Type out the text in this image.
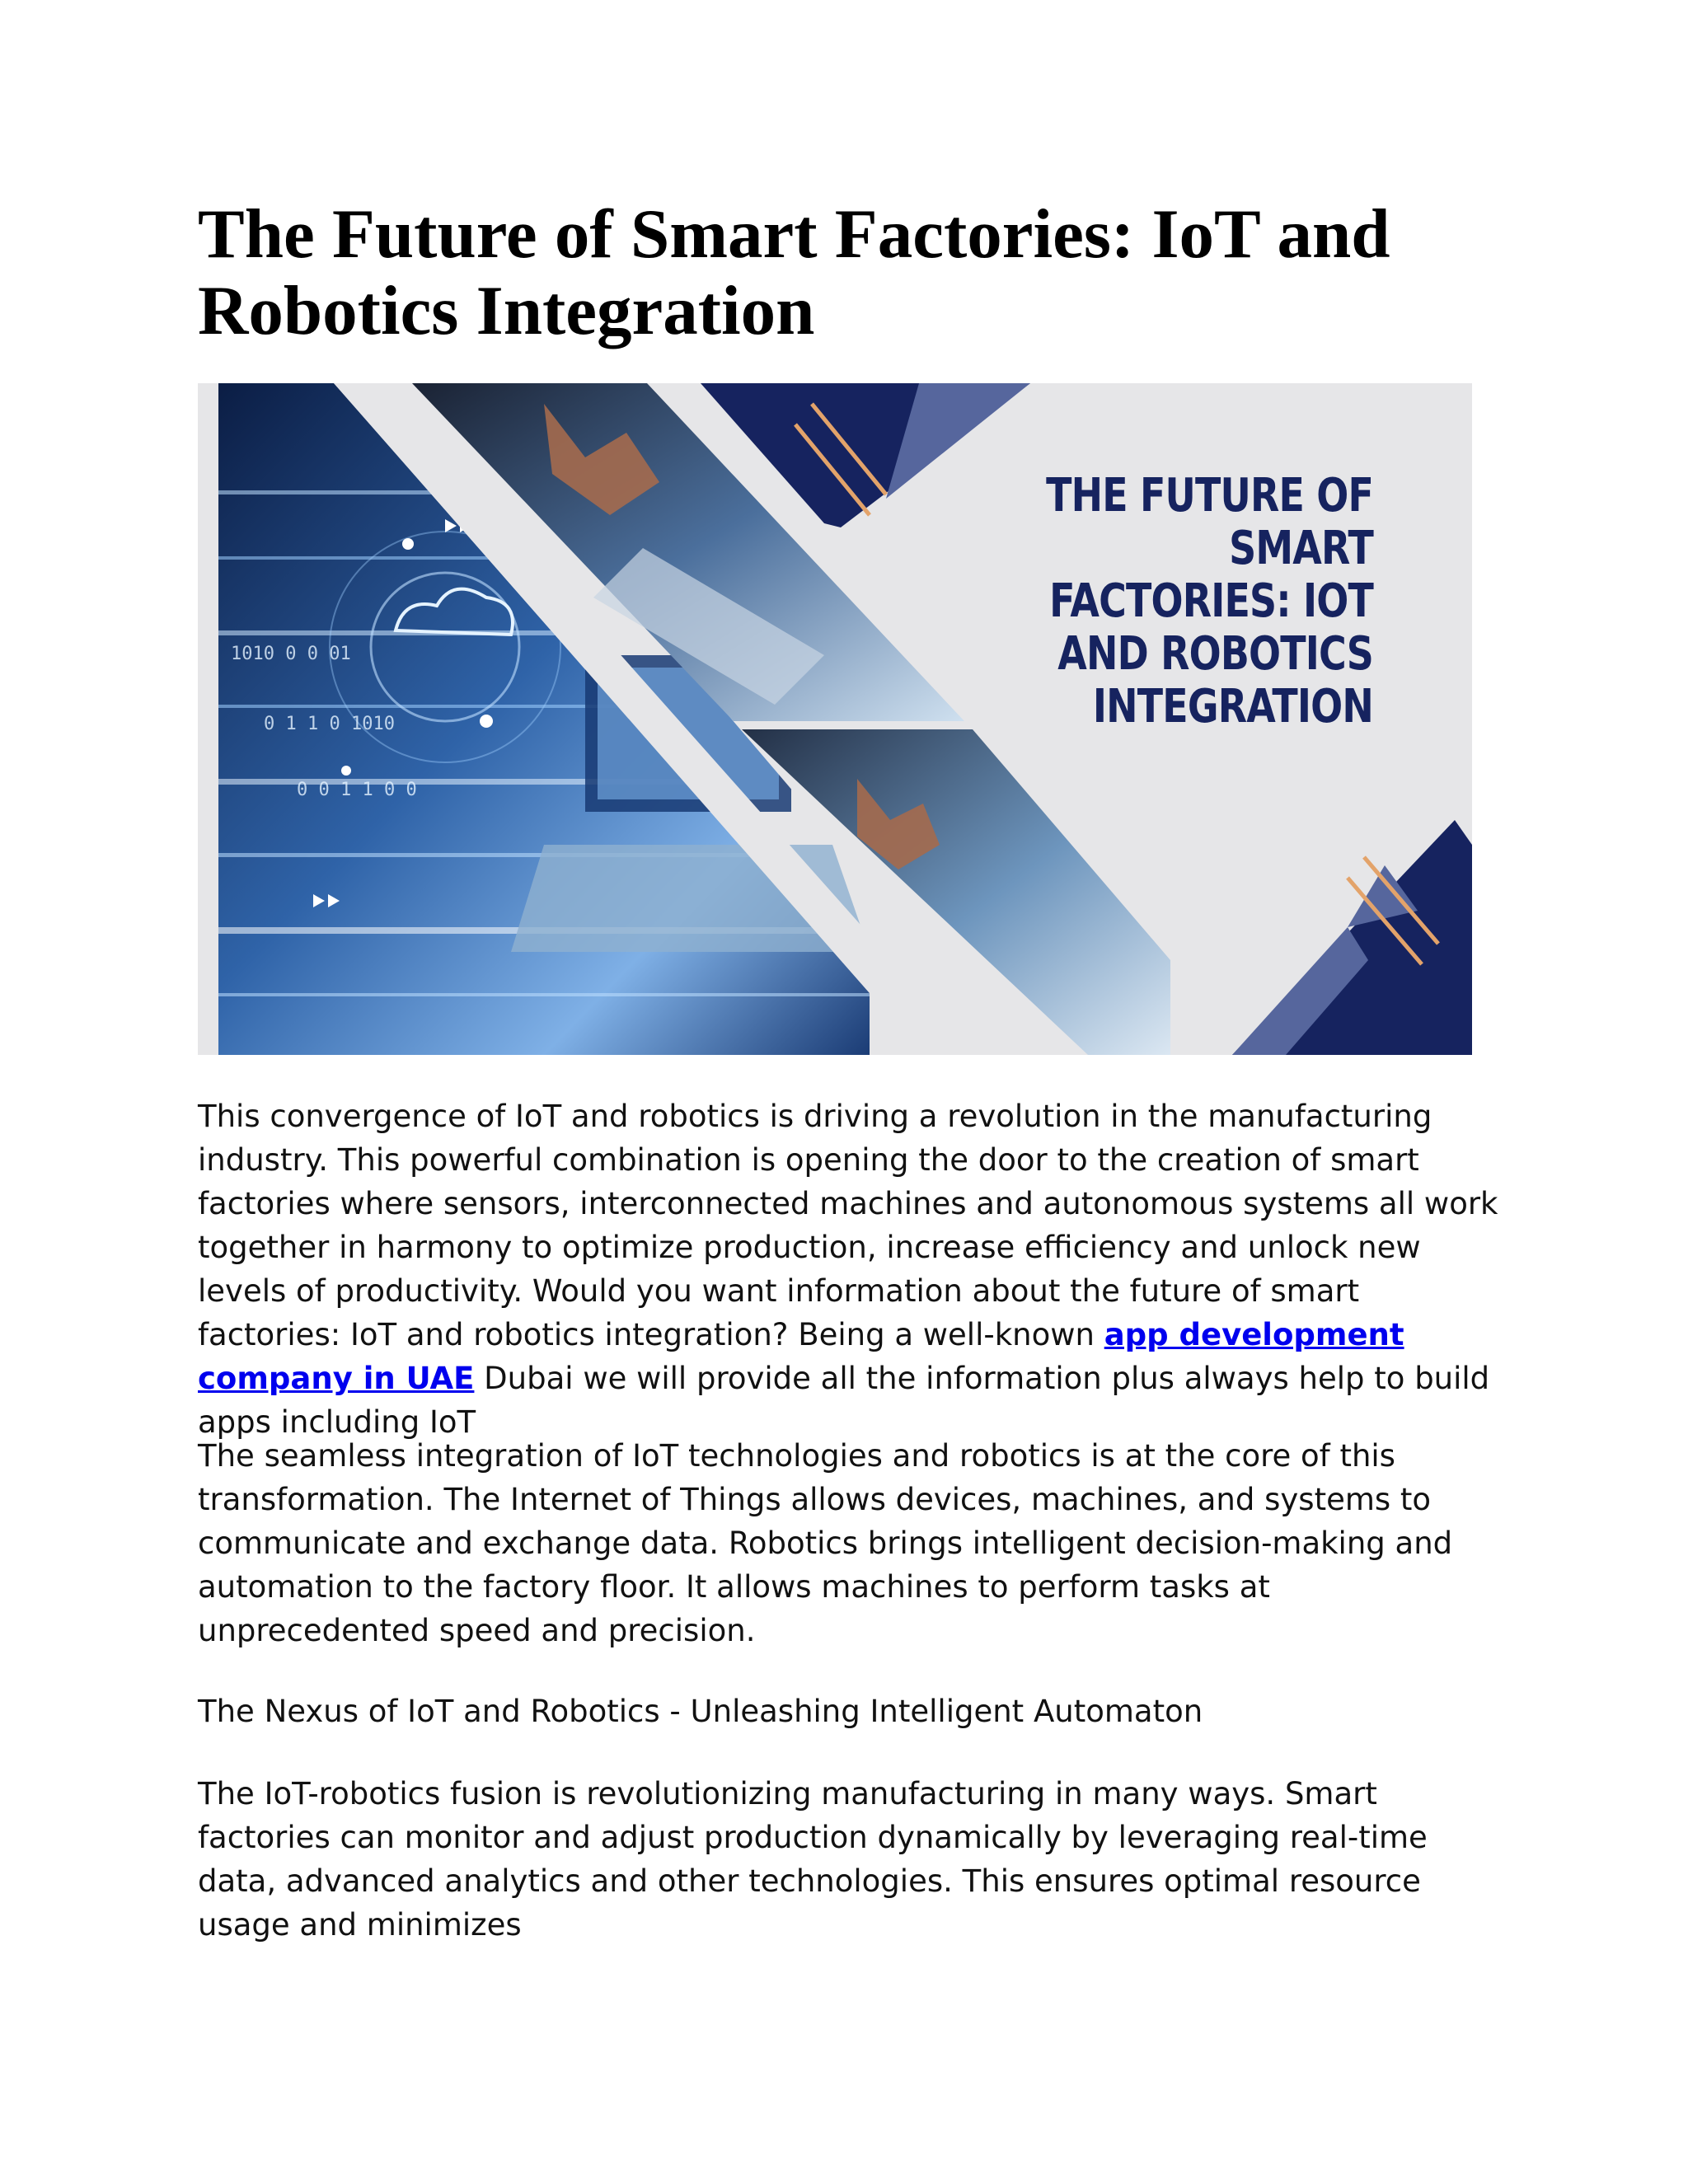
The Future of Smart Factories: IoT and Robotics Integration
1010 0 0 01
0 1 1 0 1010
0 0 1 1 0 0
THE FUTURE OF SMART FACTORIES: IOT AND ROBOTICS INTEGRATION

This convergence of IoT and robotics is driving a revolution in the manufacturing industry. This powerful combination is opening the door to the creation of smart factories where sensors, interconnected machines and autonomous systems all work together in harmony to optimize production, increase efficiency and unlock new levels of productivity. Would you want information about the future of smart factories: IoT and robotics integration? Being a well-known app development company in UAE Dubai we will provide all the information plus always help to build apps including IoT

The seamless integration of IoT technologies and robotics is at the core of this transformation. The Internet of Things allows devices, machines, and systems to communicate and exchange data. Robotics brings intelligent decision-making and automation to the factory floor. It allows machines to perform tasks at unprecedented speed and precision.

The Nexus of IoT and Robotics - Unleashing Intelligent Automaton

The IoT-robotics fusion is revolutionizing manufacturing in many ways. Smart factories can monitor and adjust production dynamically by leveraging real-time data, advanced analytics and other technologies. This ensures optimal resource usage and minimizes
